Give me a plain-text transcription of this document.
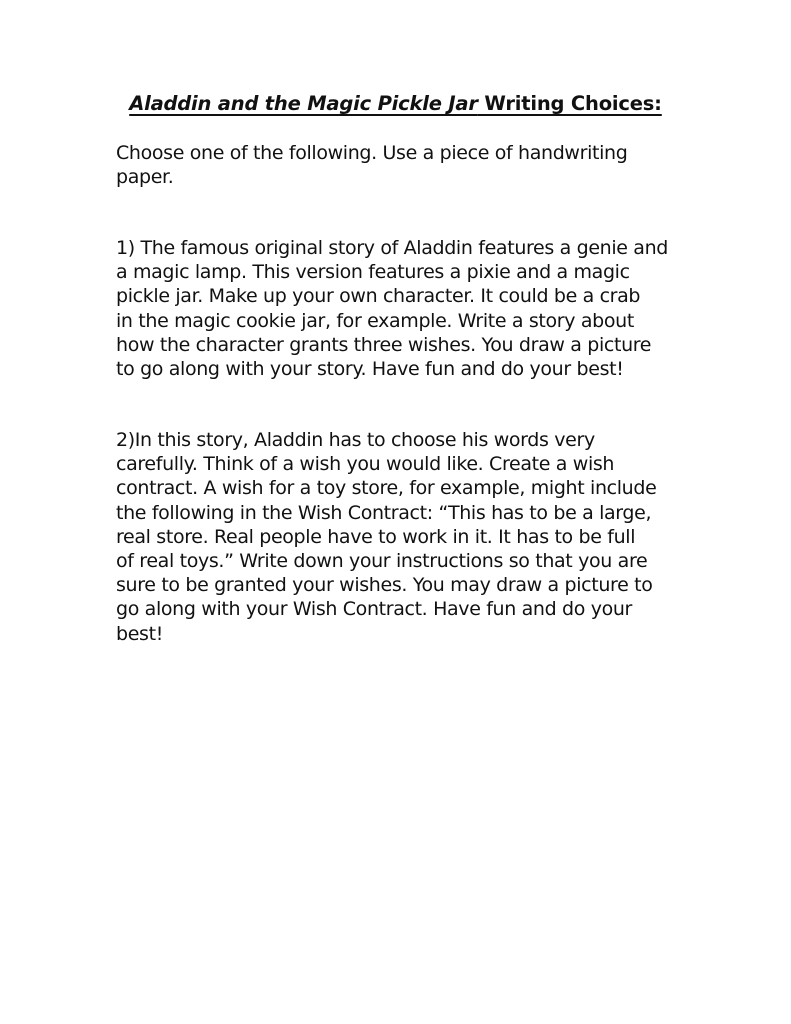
Aladdin and the Magic Pickle Jar Writing Choices:
Choose one of the following. Use a piece of handwriting
paper.
1) The famous original story of Aladdin features a genie and
a magic lamp. This version features a pixie and a magic
pickle jar. Make up your own character. It could be a crab
in the magic cookie jar, for example. Write a story about
how the character grants three wishes. You draw a picture
to go along with your story. Have fun and do your best!
2)In this story, Aladdin has to choose his words very
carefully. Think of a wish you would like. Create a wish
contract. A wish for a toy store, for example, might include
the following in the Wish Contract: “This has to be a large,
real store. Real people have to work in it. It has to be full
of real toys.” Write down your instructions so that you are
sure to be granted your wishes. You may draw a picture to
go along with your Wish Contract. Have fun and do your
best!
